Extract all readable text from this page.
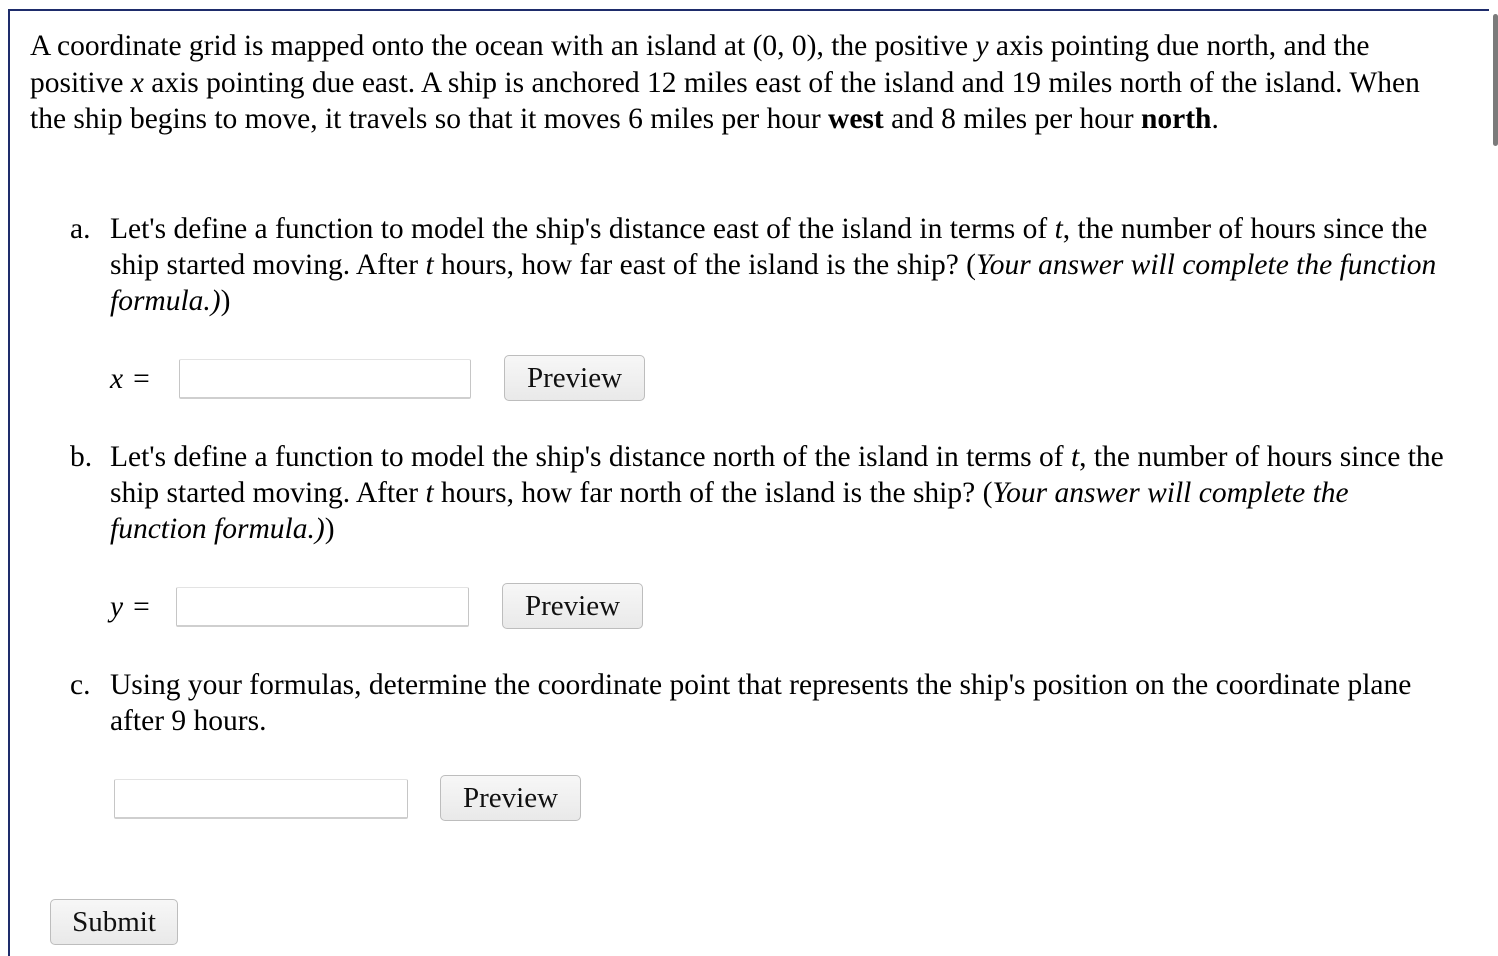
A coordinate grid is mapped onto the ocean with an island at (0, 0), the positive y axis pointing due north, and the positive x axis pointing due east. A ship is anchored 12 miles east of the island and 19 miles north of the island. When the ship begins to move, it travels so that it moves 6 miles per hour west and 8 miles per hour north.
a. Let's define a function to model the ship's distance east of the island in terms of t, the number of hours since the ship started moving. After t hours, how far east of the island is the ship? (Your answer will complete the function formula.))
x =	Preview
b. Let's define a function to model the ship's distance north of the island in terms of t, the number of hours since the ship started moving. After t hours, how far north of the island is the ship? (Your answer will complete the function formula.))
y =	Preview
c. Using your formulas, determine the coordinate point that represents the ship's position on the coordinate plane after 9 hours.
Preview
Submit
